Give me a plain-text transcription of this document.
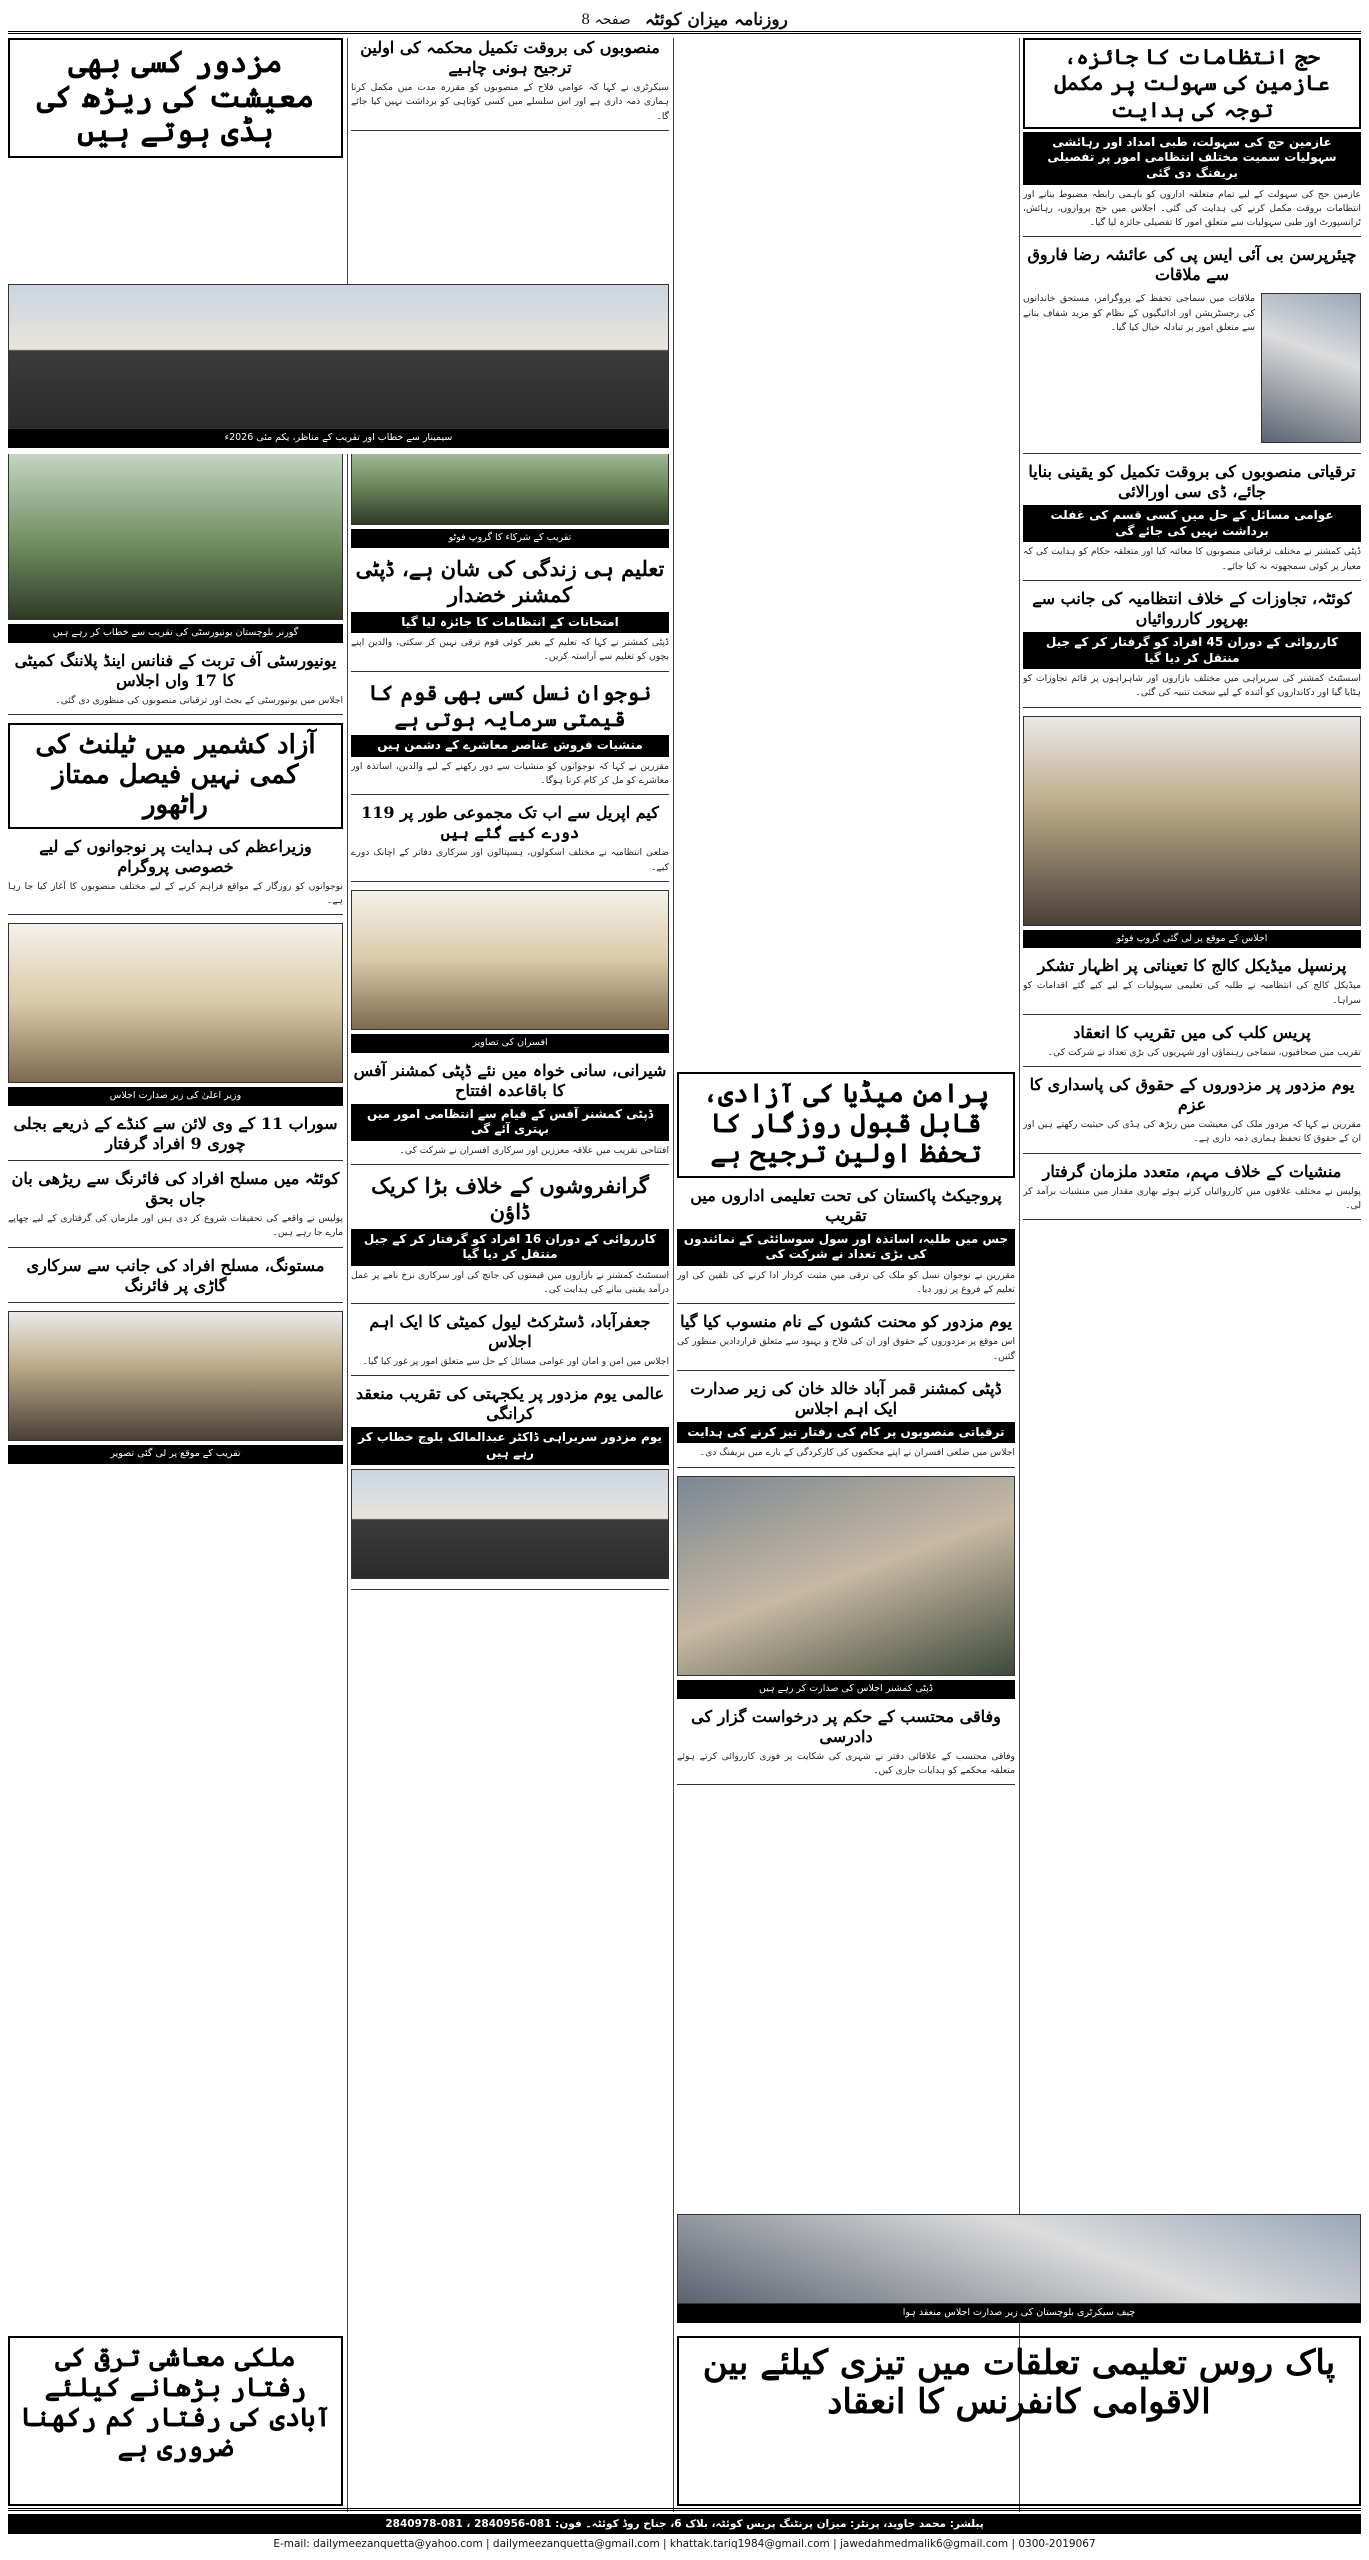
روزنامہ میزان کوئٹہ
صفحہ 8
حج انتظامات کا جائزہ، عازمین کی سہولت پر مکمل توجہ کی ہدایت
عازمین حج کی سہولت، طبی امداد اور رہائشی سہولیات سمیت مختلف انتظامی امور پر تفصیلی بریفنگ دی گئی

عازمین حج کی سہولت کے لیے تمام متعلقہ اداروں کو باہمی رابطہ مضبوط بنانے اور انتظامات بروقت مکمل کرنے کی ہدایت کی گئی۔ اجلاس میں حج پروازوں، رہائش، ٹرانسپورٹ اور طبی سہولیات سے متعلق امور کا تفصیلی جائزہ لیا گیا۔

چیئرپرسن بی آئی ایس پی کی عائشہ رضا فاروق سے ملاقات

ملاقات میں سماجی تحفظ کے پروگرامز، مستحق خاندانوں کی رجسٹریشن اور ادائیگیوں کے نظام کو مزید شفاف بنانے سے متعلق امور پر تبادلہ خیال کیا گیا۔

ترقیاتی منصوبوں کی بروقت تکمیل کو یقینی بنایا جائے، ڈی سی اورالائی
عوامی مسائل کے حل میں کسی قسم کی غفلت برداشت نہیں کی جائے گی

ڈپٹی کمشنر نے مختلف ترقیاتی منصوبوں کا معائنہ کیا اور متعلقہ حکام کو ہدایت کی کہ معیار پر کوئی سمجھوتہ نہ کیا جائے۔

کوئٹہ، تجاوزات کے خلاف انتظامیہ کی جانب سے بھرپور کارروائیاں
کارروائی کے دوران 45 افراد کو گرفتار کر کے جیل منتقل کر دیا گیا

اسسٹنٹ کمشنر کی سربراہی میں مختلف بازاروں اور شاہراہوں پر قائم تجاوزات کو ہٹایا گیا اور دکانداروں کو آئندہ کے لیے سخت تنبیہ کی گئی۔

اجلاس کے موقع پر لی گئی گروپ فوٹو
پرنسپل میڈیکل کالج کا تعیناتی پر اظہار تشکر

میڈیکل کالج کی انتظامیہ نے طلبہ کی تعلیمی سہولیات کے لیے کیے گئے اقدامات کو سراہا۔

پریس کلب کی میں تقریب کا انعقاد

تقریب میں صحافیوں، سماجی رہنماؤں اور شہریوں کی بڑی تعداد نے شرکت کی۔

یوم مزدور پر مزدوروں کے حقوق کی پاسداری کا عزم

مقررین نے کہا کہ مزدور ملک کی معیشت میں ریڑھ کی ہڈی کی حیثیت رکھتے ہیں اور ان کے حقوق کا تحفظ ہماری ذمہ داری ہے۔

منشیات کے خلاف مہم، متعدد ملزمان گرفتار

پولیس نے مختلف علاقوں میں کارروائیاں کرتے ہوئے بھاری مقدار میں منشیات برآمد کر لی۔

پرامن میڈیا کی آزادی، قابل قبول روزگار کا تحفظ اولین ترجیح ہے
پروجیکٹ پاکستان کی تحت تعلیمی اداروں میں تقریب
جس میں طلبہ، اساتذہ اور سول سوسائٹی کے نمائندوں کی بڑی تعداد نے شرکت کی

مقررین نے نوجوان نسل کو ملک کی ترقی میں مثبت کردار ادا کرنے کی تلقین کی اور تعلیم کے فروغ پر زور دیا۔

یوم مزدور کو محنت کشوں کے نام منسوب کیا گیا

اس موقع پر مزدوروں کے حقوق اور ان کی فلاح و بہبود سے متعلق قراردادیں منظور کی گئیں۔

ڈپٹی کمشنر قمر آباد خالد خان کی زیر صدارت ایک اہم اجلاس
ترقیاتی منصوبوں پر کام کی رفتار تیز کرنے کی ہدایت

اجلاس میں ضلعی افسران نے اپنے محکموں کی کارکردگی کے بارے میں بریفنگ دی۔

ڈپٹی کمشنر اجلاس کی صدارت کر رہے ہیں
وفاقی محتسب کے حکم پر درخواست گزار کی دادرسی

وفاقی محتسب کے علاقائی دفتر نے شہری کی شکایت پر فوری کارروائی کرتے ہوئے متعلقہ محکمے کو ہدایات جاری کیں۔

چیف سیکرٹری بلوچستان کی زیر صدارت اجلاس منعقد ہوا
پاک روس تعلیمی تعلقات میں تیزی کیلئے بین الاقوامی کانفرنس کا انعقاد
منصوبوں کی بروقت تکمیل محکمہ کی اولین ترجیح ہونی چاہیے

سیکرٹری نے کہا کہ عوامی فلاح کے منصوبوں کو مقررہ مدت میں مکمل کرنا ہماری ذمہ داری ہے اور اس سلسلے میں کسی کوتاہی کو برداشت نہیں کیا جائے گا۔

تقریب کے شرکاء کا گروپ فوٹو
تعلیم ہی زندگی کی شان ہے، ڈپٹی کمشنر خضدار
امتحانات کے انتظامات کا جائزہ لیا گیا

ڈپٹی کمشنر نے کہا کہ تعلیم کے بغیر کوئی قوم ترقی نہیں کر سکتی، والدین اپنے بچوں کو تعلیم سے آراستہ کریں۔

نوجوان نسل کسی بھی قوم کا قیمتی سرمایہ ہوتی ہے
منشیات فروش عناصر معاشرے کے دشمن ہیں

مقررین نے کہا کہ نوجوانوں کو منشیات سے دور رکھنے کے لیے والدین، اساتذہ اور معاشرے کو مل کر کام کرنا ہوگا۔

کیم اپریل سے اب تک مجموعی طور پر 119 دورے کیے گئے ہیں

ضلعی انتظامیہ نے مختلف اسکولوں، ہسپتالوں اور سرکاری دفاتر کے اچانک دورے کیے۔

افسران کی تصاویر
شیرانی، سانی خواہ میں نئے ڈپٹی کمشنر آفس کا باقاعدہ افتتاح
ڈپٹی کمشنر آفس کے قیام سے انتظامی امور میں بہتری آئے گی

افتتاحی تقریب میں علاقہ معززین اور سرکاری افسران نے شرکت کی۔

گرانفروشوں کے خلاف بڑا کریک ڈاؤن
کارروائی کے دوران 16 افراد کو گرفتار کر کے جیل منتقل کر دیا گیا

اسسٹنٹ کمشنر نے بازاروں میں قیمتوں کی جانچ کی اور سرکاری نرخ نامے پر عمل درآمد یقینی بنانے کی ہدایت کی۔

جعفرآباد، ڈسٹرکٹ لیول کمیٹی کا ایک اہم اجلاس

اجلاس میں امن و امان اور عوامی مسائل کے حل سے متعلق امور پر غور کیا گیا۔

عالمی یوم مزدور پر یکجہتی کی تقریب منعقد کرانگی
یوم مزدور سربراہی ڈاکٹر عبدالمالک بلوچ خطاب کر رہے ہیں
مزدور کسی بھی معیشت کی ریڑھ کی ہڈی ہوتے ہیں

گورنر بلوچستان یونیورسٹی کی تقریب سے خطاب کر رہے ہیں
یونیورسٹی آف تربت کے فنانس اینڈ پلاننگ کمیٹی کا 17 واں اجلاس

اجلاس میں یونیورسٹی کے بجٹ اور ترقیاتی منصوبوں کی منظوری دی گئی۔

آزاد کشمیر میں ٹیلنٹ کی کمی نہیں فیصل ممتاز راٹھور
وزیراعظم کی ہدایت پر نوجوانوں کے لیے خصوصی پروگرام

نوجوانوں کو روزگار کے مواقع فراہم کرنے کے لیے مختلف منصوبوں کا آغاز کیا جا رہا ہے۔

وزیر اعلیٰ کی زیر صدارت اجلاس
سوراب 11 کے وی لائن سے کنڈے کے ذریعے بجلی چوری 9 افراد گرفتار
کوئٹہ میں مسلح افراد کی فائرنگ سے ریڑھی بان جاں بحق

پولیس نے واقعے کی تحقیقات شروع کر دی ہیں اور ملزمان کی گرفتاری کے لیے چھاپے مارے جا رہے ہیں۔

مستونگ، مسلح افراد کی جانب سے سرکاری گاڑی پر فائرنگ
تقریب کے موقع پر لی گئی تصویر
سیمینار سے خطاب اور تقریب کے مناظر، یکم مئی 2026ء
ملکی معاشی ترقی کی رفتار بڑھانے کیلئے آبادی کی رفتار کم رکھنا ضروری ہے
پبلشر: محمد جاوید، پرنٹر: میزان پرنٹنگ پریس کوئٹہ، بلاک 6، جناح روڈ کوئٹہ۔ فون: 081-2840956 ، 081-2840978
E-mail: dailymeezanquetta@yahoo.com | dailymeezanquetta@gmail.com | khattak.tariq1984@gmail.com | jawedahmedmalik6@gmail.com | 0300-2019067
